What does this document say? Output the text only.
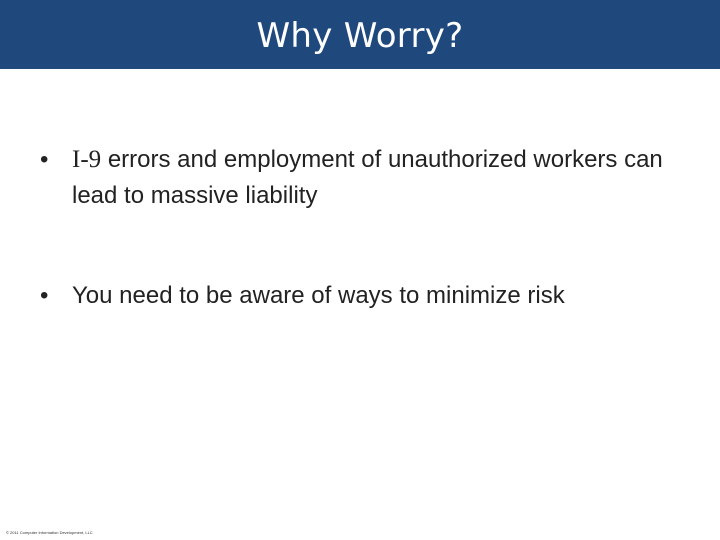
Why Worry?
• I-9 errors and employment of unauthorized workers can lead to massive liability
• You need to be aware of ways to minimize risk
© 2011 Computer Information Development, LLC
